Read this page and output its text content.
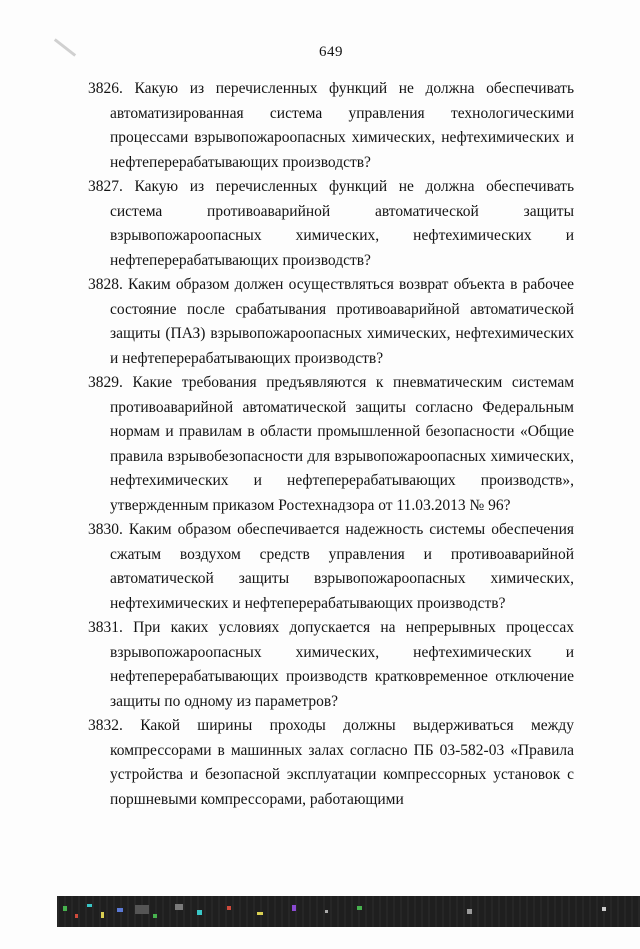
649

3826. Какую из перечисленных функций не должна обеспечивать автоматизированная система управления технологическими процессами взрывопожароопасных химических, нефтехимических и нефтеперерабатывающих производств?

3827. Какую из перечисленных функций не должна обеспечивать система противоаварийной автоматической защиты взрывопожароопасных химических, нефтехимических и нефтеперерабатывающих производств?

3828. Каким образом должен осуществляться возврат объекта в рабочее состояние после срабатывания противоаварийной автоматической защиты (ПАЗ) взрывопожароопасных химических, нефтехимических и нефтеперерабатывающих производств?

3829. Какие требования предъявляются к пневматическим системам противоаварийной автоматической защиты согласно Федеральным нормам и правилам в области промышленной безопасности «Общие правила взрывобезопасности для взрывопожароопасных химических, нефтехимических и нефтеперерабатывающих производств», утвержденным приказом Ростехнадзора от 11.03.2013 № 96?

3830. Каким образом обеспечивается надежность системы обеспечения сжатым воздухом средств управления и противоаварийной автоматической защиты взрывопожароопасных химических, нефтехимических и нефтеперерабатывающих производств?

3831. При каких условиях допускается на непрерывных процессах взрывопожароопасных химических, нефтехимических и нефтеперерабатывающих производств кратковременное отключение защиты по одному из параметров?

3832. Какой ширины проходы должны выдерживаться между компрессорами в машинных залах согласно ПБ 03-582-03 «Правила устройства и безопасной эксплуатации компрессорных установок с поршневыми компрессорами, работающими
